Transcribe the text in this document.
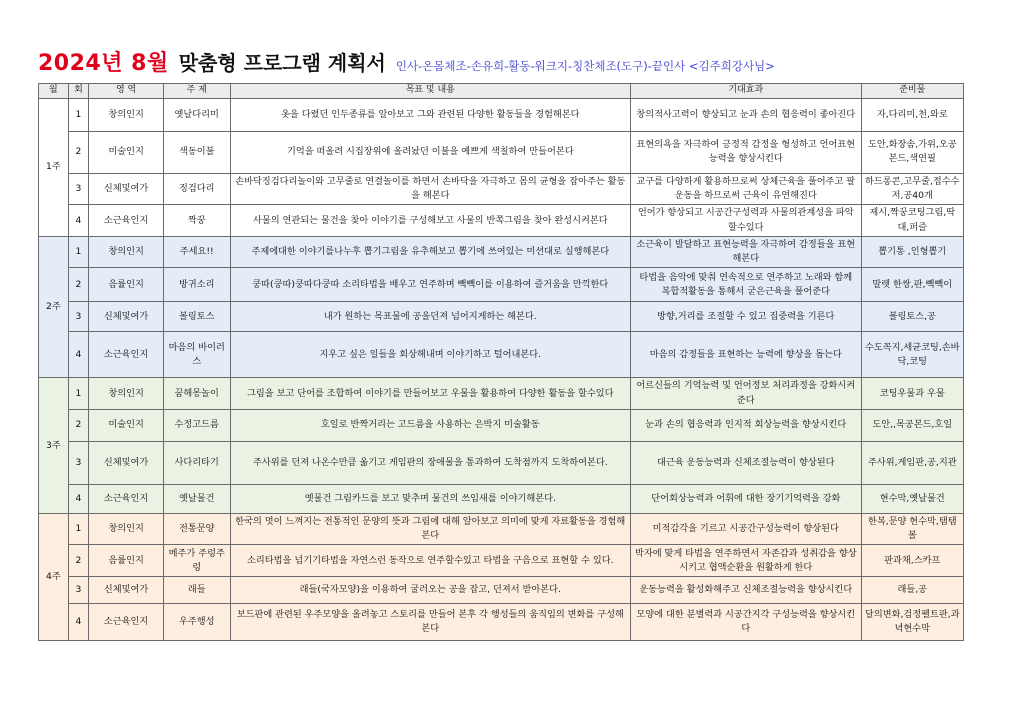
2024년 8월 맞춤형 프로그램 계획서 인사-온몸체조-손유희-활동-워크지-칭찬체조(도구)-끝인사 <김주희강사님>
월	회	영 역	주 제	목표 및 내용	기대효과	준비물
1주	1	창의인지	옛날다리미	옷을 다렸던 인두종류를 알아보고 그와 관련된 다양한 활동들을 경험해본다	창의적사고력이 향상되고 눈과 손의 협응력이 좋아진다	자,다리미,천,와로
	2	미술인지	색동이불	기억을 떠올려 시집장위에 올려놨던 이불을 예쁘게 색칠하여 만들어본다	표현의욕을 자극하여 긍정적 감정을 형성하고 언어표현능력을 향상시킨다	도안,화장솜,가위,오공본드,색연필
	3	신체및여가	징검다리	손바닥징검다리놀이와 고무줄로 연결놀이를 하면서 손바닥을 자극하고 몸의 균형을 잡아주는 활동을 해본다	교구를 다양하게 활용하므로써 상체근육을 풀어주고 팔운동을 하므로써 근육이 유연해진다	하드롱콘,고무줄,접수수저,공40개
	4	소근육인지	짝꿍	사물의 연관되는 물건을 찾아 이야기를 구성해보고 사물의 반쪽그림을 찾아 완성시켜본다	언어가 향상되고 시공간구성력과 사물의관계성을 파악 할수있다	제시,짝꿍코팅그림,딱대,퍼즐
2주	1	창의인지	주세요!!	주제에대한 이야기를나누후 뽑기그림을 유추해보고 뽑기에 쓰여있는 미션대로 실행해본다	소근육이 발달하고 표현능력을 자극하여 감정들을 표현해본다	뽑기통 ,인형뽑기
	2	음률인지	방귀소리	쿵따(쿵따)쿵따다쿵따 소리타법을 배우고 연주하며 빽빽이를 이용하여 즐거움을 만끽한다	타법을 음악에 맞춰 연속적으로 연주하고 노래와 함께 복합적활동을 통해서 굳은근육을 풀어준다	말렛 한쌍,판,빽빽이
	3	신체및여가	볼링토스	내가 원하는 목표물에 공을던져 넘어지게하는 해본다.	방향,거리를 조절할 수 있고 집중력을 기른다	볼링토스,공
	4	소근육인지	마음의 바이러스	지우고 싶은 일들을 회상해내며 이야기하고 털어내본다.	마음의 감정들을 표현하는 능력에 향상을 돕는다	수도꼭지,세균코팅,손바닥,코팅
3주	1	창의인지	꿈해몽놀이	그림을 보고 단어를 조합하여 이야기를 만들어보고 우물을 활용하여 다양한 활동을 할수있다	어르신들의 기억능력 및 언어정보 처리과정을 강화시켜준다	코팅우물과 우물
	2	미술인지	수정고드름	호일로 반짝거리는 고드름을 사용하는 은박지 미술활동	눈과 손의 협응력과 인지적 회상능력을 향상시킨다	도안,,목공본드,호일
	3	신체및여가	사다리타기	주사위를 던져 나온수만큼 옮기고 게임판의 장애물을 통과하여 도착점까지 도착하여본다.	대근육 운동능력과 신체조절능력이 향상된다	주사위,게임판,공,지관
	4	소근육인지	옛날물건	옛물건 그림카드를 보고 맞추며 물건의 쓰임새를 이야기해본다.	단어회상능력과 어휘에 대한 장기기억력을 강화	현수막,옛날물건
4주	1	창의인지	전통문양	한국의 멋이 느껴지는 전통적인 문양의 뜻과 그림에 대해 알아보고 의미에 맞게 자료활동을 경험해본다	미적감각을 기르고 시공간구성능력이 향상된다	한복,문양 현수막,탬탬볼
	2	음률인지	메주가 주렁주렁	소리타법을 넘기기타법을 자연스런 동작으로 연주할수있고 타법을 구음으로 표현할 수 있다.	박자에 맞게 타법을 연주하면서 자존감과 성취감을 향상시키고 협액순환을 원활하게 한다	판과채,스카프
	3	신체및여가	래들	래들(국자모양)을 이용하여 굴러오는 공을 잡고, 던져서 받아본다.	운동능력을 활성화해주고 신체조절능력을 향상시킨다	래들,공
	4	소근육인지	우주행성	보드판에 관련된 우주모양을 올려놓고 스토리를 만들어 본후 각 행성들의 움직임의 변화를 구성해본다	모양에 대한 분별력과 시공간지각 구성능력을 향상시킨다	달의변화,검정펠트판,과녁현수막
